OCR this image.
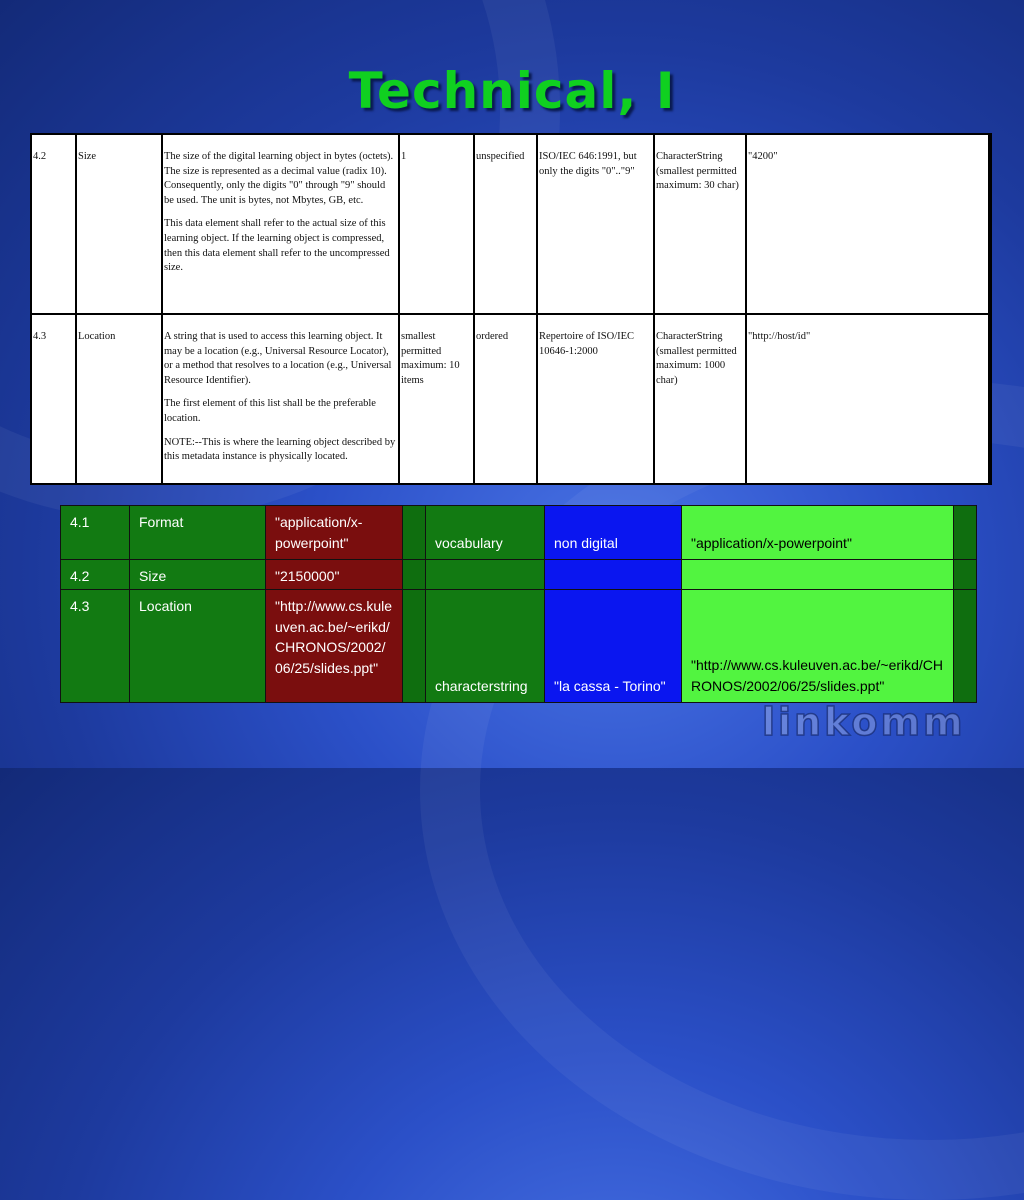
Technical, I
4.2	Size	The size of the digital learning object in bytes (octets). The size is represented as a decimal value (radix 10). Consequently, only the digits "0" through "9" should be used. The unit is bytes, not Mbytes, GB, etc.

This data element shall refer to the actual size of this learning object. If the learning object is compressed, then this data element shall refer to the uncompressed size.	1	unspecified	ISO/IEC 646:1991, but only the digits "0".."9"	CharacterString (smallest permitted maximum: 30 char)	"4200"
4.3	Location	A string that is used to access this learning object. It may be a location (e.g., Universal Resource Locator), or a method that resolves to a location (e.g., Universal Resource Identifier).

The first element of this list shall be the preferable location.

NOTE:--This is where the learning object described by this metadata instance is physically located.	smallest permitted maximum: 10 items	ordered	Repertoire of ISO/IEC 10646-1:2000	CharacterString (smallest permitted maximum: 1000 char)	"http://host/id"
4.1	Format	"application/x-powerpoint"		vocabulary	non digital	"application/x-powerpoint"	
4.2	Size	"2150000"					
4.3	Location	"http://www.cs.kuleuven.ac.be/~erikd/CHRONOS/2002/06/25/slides.ppt"		characterstring	"la cassa - Torino"	"http://www.cs.kuleuven.ac.be/~erikd/CHRONOS/2002/06/25/slides.ppt"	
linkomm
